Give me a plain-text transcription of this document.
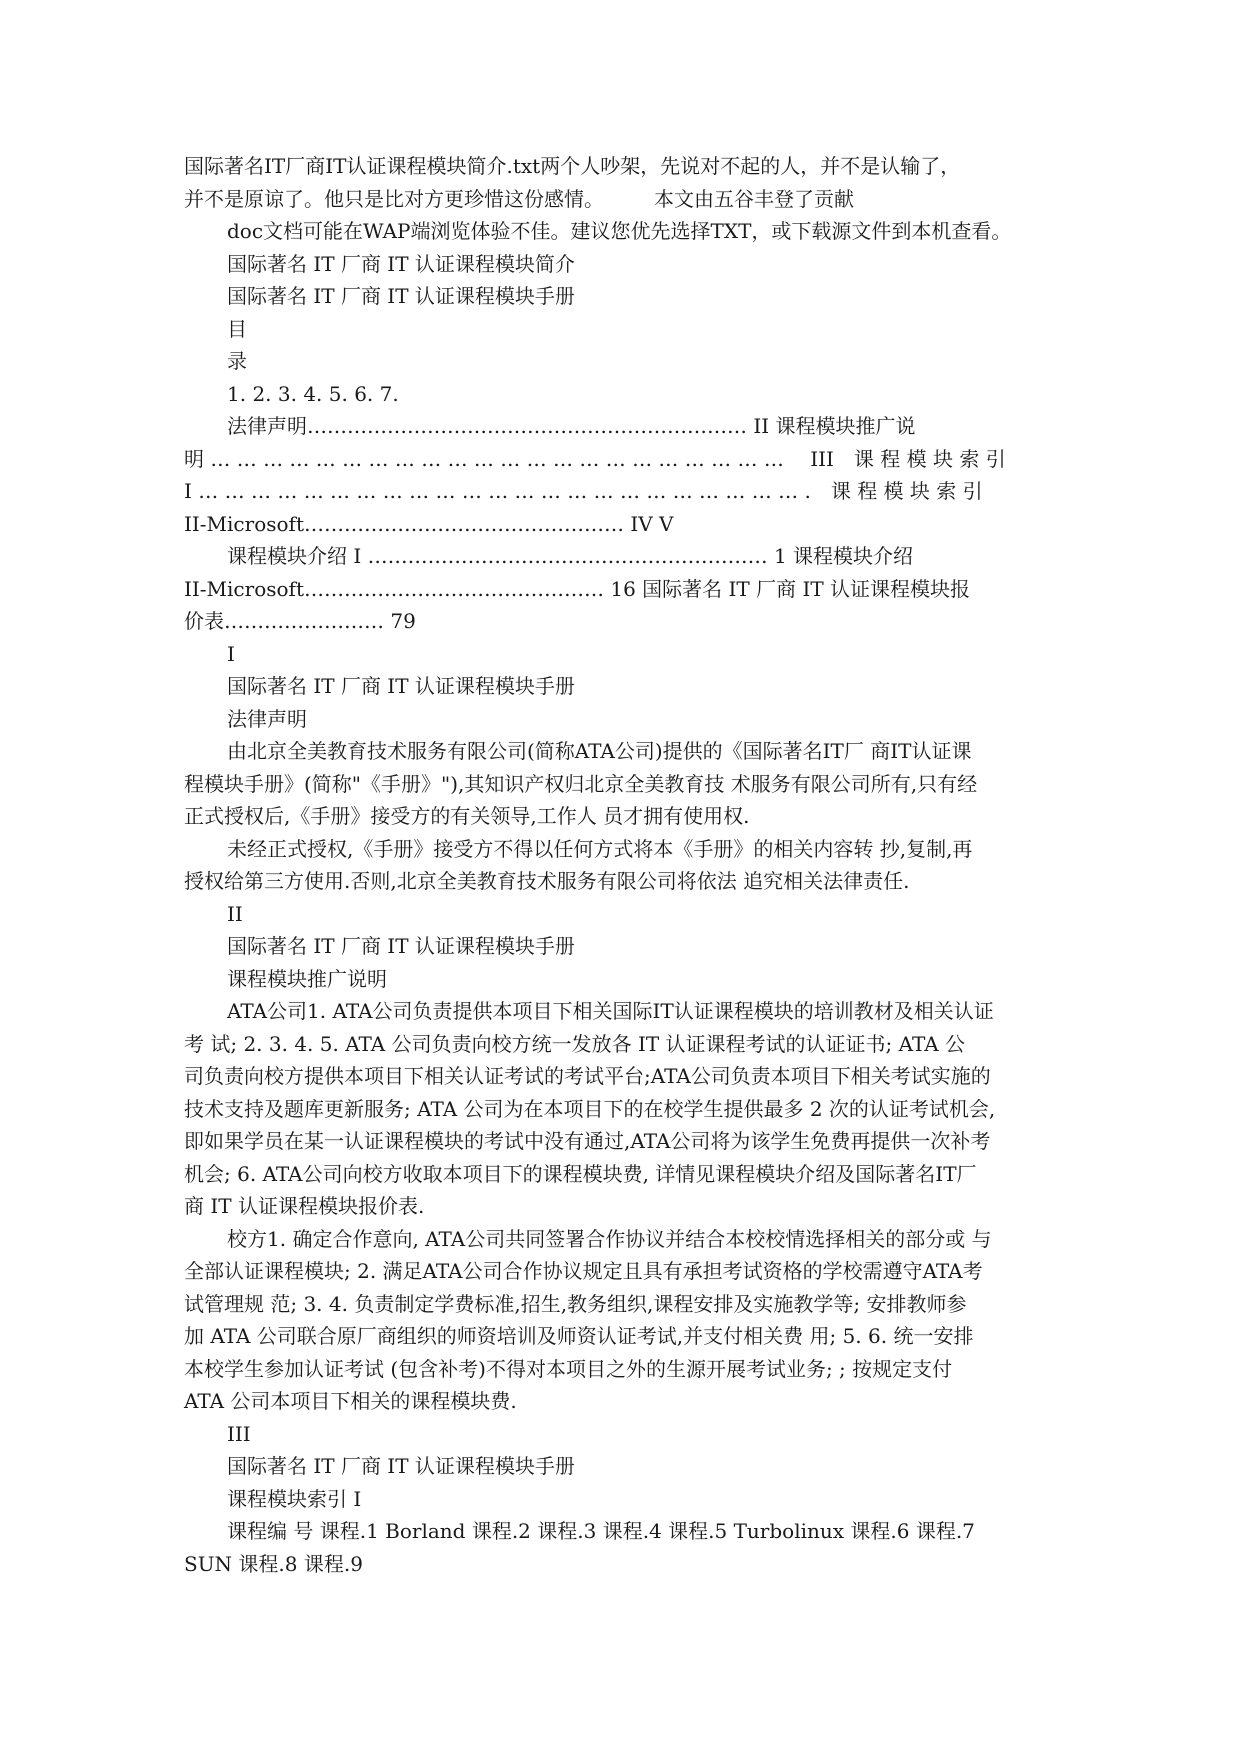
国际著名IT厂商IT认证课程模块简介.txt两个人吵架，先说对不起的人，并不是认输了，

并不是原谅了。他只是比对方更珍惜这份感情。　　　本文由五谷丰登了贡献

doc文档可能在WAP端浏览体验不佳。建议您优先选择TXT，或下载源文件到本机查看。

国际著名 IT 厂商 IT 认证课程模块简介

国际著名 IT 厂商 IT 认证课程模块手册

目

录

1. 2. 3. 4. 5. 6. 7.

法律声明………………………………………………………… II 课程模块推广说

明 … … … … … … … … … … … … … … … … … … … … … …　 III　课 程 模 块 索 引

I … … … … … … … … … … … … … … … … … … … … … … … .　课 程 模 块 索 引

II-Microsoft………………………………………… IV V

课程模块介绍 I …………………………………………………… 1 课程模块介绍

II-Microsoft……………………………………… 16 国际著名 IT 厂商 IT 认证课程模块报

价表…………………… 79

I

国际著名 IT 厂商 IT 认证课程模块手册

法律声明

由北京全美教育技术服务有限公司(简称ATA公司)提供的《国际著名IT厂 商IT认证课

程模块手册》(简称"《手册》"),其知识产权归北京全美教育技 术服务有限公司所有,只有经

正式授权后,《手册》接受方的有关领导,工作人 员才拥有使用权.

未经正式授权,《手册》接受方不得以任何方式将本《手册》的相关内容转 抄,复制,再

授权给第三方使用.否则,北京全美教育技术服务有限公司将依法 追究相关法律责任.

II

国际著名 IT 厂商 IT 认证课程模块手册

课程模块推广说明

ATA公司1. ATA公司负责提供本项目下相关国际IT认证课程模块的培训教材及相关认证

考 试; 2. 3. 4. 5. ATA 公司负责向校方统一发放各 IT 认证课程考试的认证证书; ATA 公

司负责向校方提供本项目下相关认证考试的考试平台;ATA公司负责本项目下相关考试实施的

技术支持及题库更新服务; ATA 公司为在本项目下的在校学生提供最多 2 次的认证考试机会,

即如果学员在某一认证课程模块的考试中没有通过,ATA公司将为该学生免费再提供一次补考

机会; 6. ATA公司向校方收取本项目下的课程模块费, 详情见课程模块介绍及国际著名IT厂

商 IT 认证课程模块报价表.

校方1. 确定合作意向, ATA公司共同签署合作协议并结合本校校情选择相关的部分或 与

全部认证课程模块; 2. 满足ATA公司合作协议规定且具有承担考试资格的学校需遵守ATA考

试管理规 范; 3. 4. 负责制定学费标准,招生,教务组织,课程安排及实施教学等; 安排教师参

加 ATA 公司联合原厂商组织的师资培训及师资认证考试,并支付相关费 用; 5. 6. 统一安排

本校学生参加认证考试 (包含补考)不得对本项目之外的生源开展考试业务; ; 按规定支付

ATA 公司本项目下相关的课程模块费.

III

国际著名 IT 厂商 IT 认证课程模块手册

课程模块索引 I

课程编 号 课程.1 Borland 课程.2 课程.3 课程.4 课程.5 Turbolinux 课程.6 课程.7

SUN 课程.8 课程.9
